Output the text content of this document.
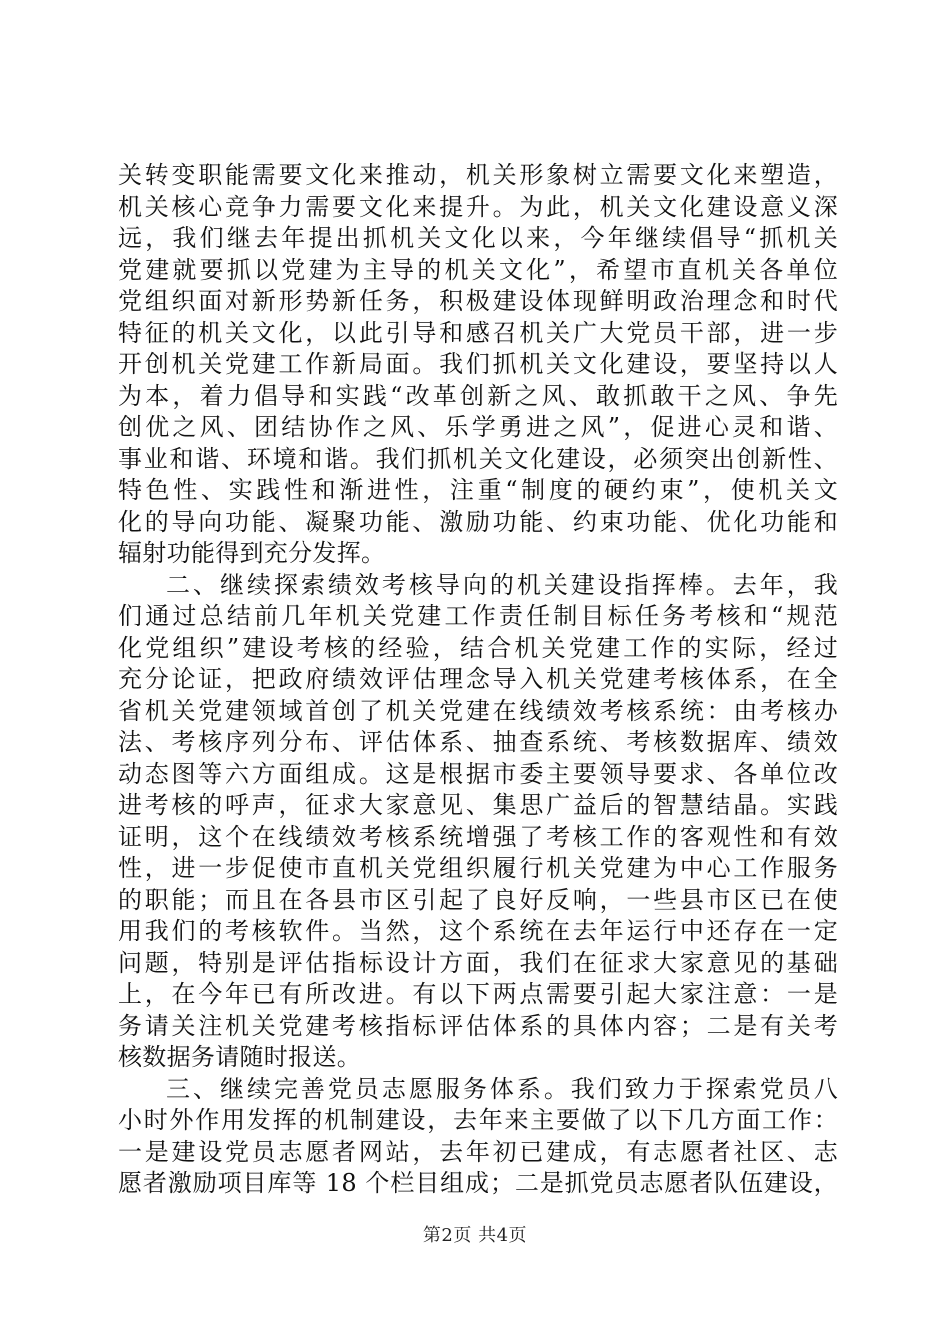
关转变职能需要文化来推动，机关形象树立需要文化来塑造，
机关核心竞争力需要文化来提升。为此，机关文化建设意义深
远，我们继去年提出抓机关文化以来，今年继续倡导“抓机关
党建就要抓以党建为主导的机关文化”，希望市直机关各单位
党组织面对新形势新任务，积极建设体现鲜明政治理念和时代
特征的机关文化，以此引导和感召机关广大党员干部，进一步
开创机关党建工作新局面。我们抓机关文化建设，要坚持以人
为本，着力倡导和实践“改革创新之风、敢抓敢干之风、争先
创优之风、团结协作之风、乐学勇进之风”，促进心灵和谐、
事业和谐、环境和谐。我们抓机关文化建设，必须突出创新性、
特色性、实践性和渐进性，注重“制度的硬约束”，使机关文
化的导向功能、凝聚功能、激励功能、约束功能、优化功能和
辐射功能得到充分发挥。
二、继续探索绩效考核导向的机关建设指挥棒。去年，我
们通过总结前几年机关党建工作责任制目标任务考核和“规范
化党组织”建设考核的经验，结合机关党建工作的实际，经过
充分论证，把政府绩效评估理念导入机关党建考核体系，在全
省机关党建领域首创了机关党建在线绩效考核系统：由考核办
法、考核序列分布、评估体系、抽查系统、考核数据库、绩效
动态图等六方面组成。这是根据市委主要领导要求、各单位改
进考核的呼声，征求大家意见、集思广益后的智慧结晶。实践
证明，这个在线绩效考核系统增强了考核工作的客观性和有效
性，进一步促使市直机关党组织履行机关党建为中心工作服务
的职能；而且在各县市区引起了良好反响，一些县市区已在使
用我们的考核软件。当然，这个系统在去年运行中还存在一定
问题，特别是评估指标设计方面，我们在征求大家意见的基础
上，在今年已有所改进。有以下两点需要引起大家注意：一是
务请关注机关党建考核指标评估体系的具体内容；二是有关考
核数据务请随时报送。
三、继续完善党员志愿服务体系。我们致力于探索党员八
小时外作用发挥的机制建设，去年来主要做了以下几方面工作：
一是建设党员志愿者网站，去年初已建成，有志愿者社区、志
愿者激励项目库等 18 个栏目组成；二是抓党员志愿者队伍建设，
第2页 共4页
